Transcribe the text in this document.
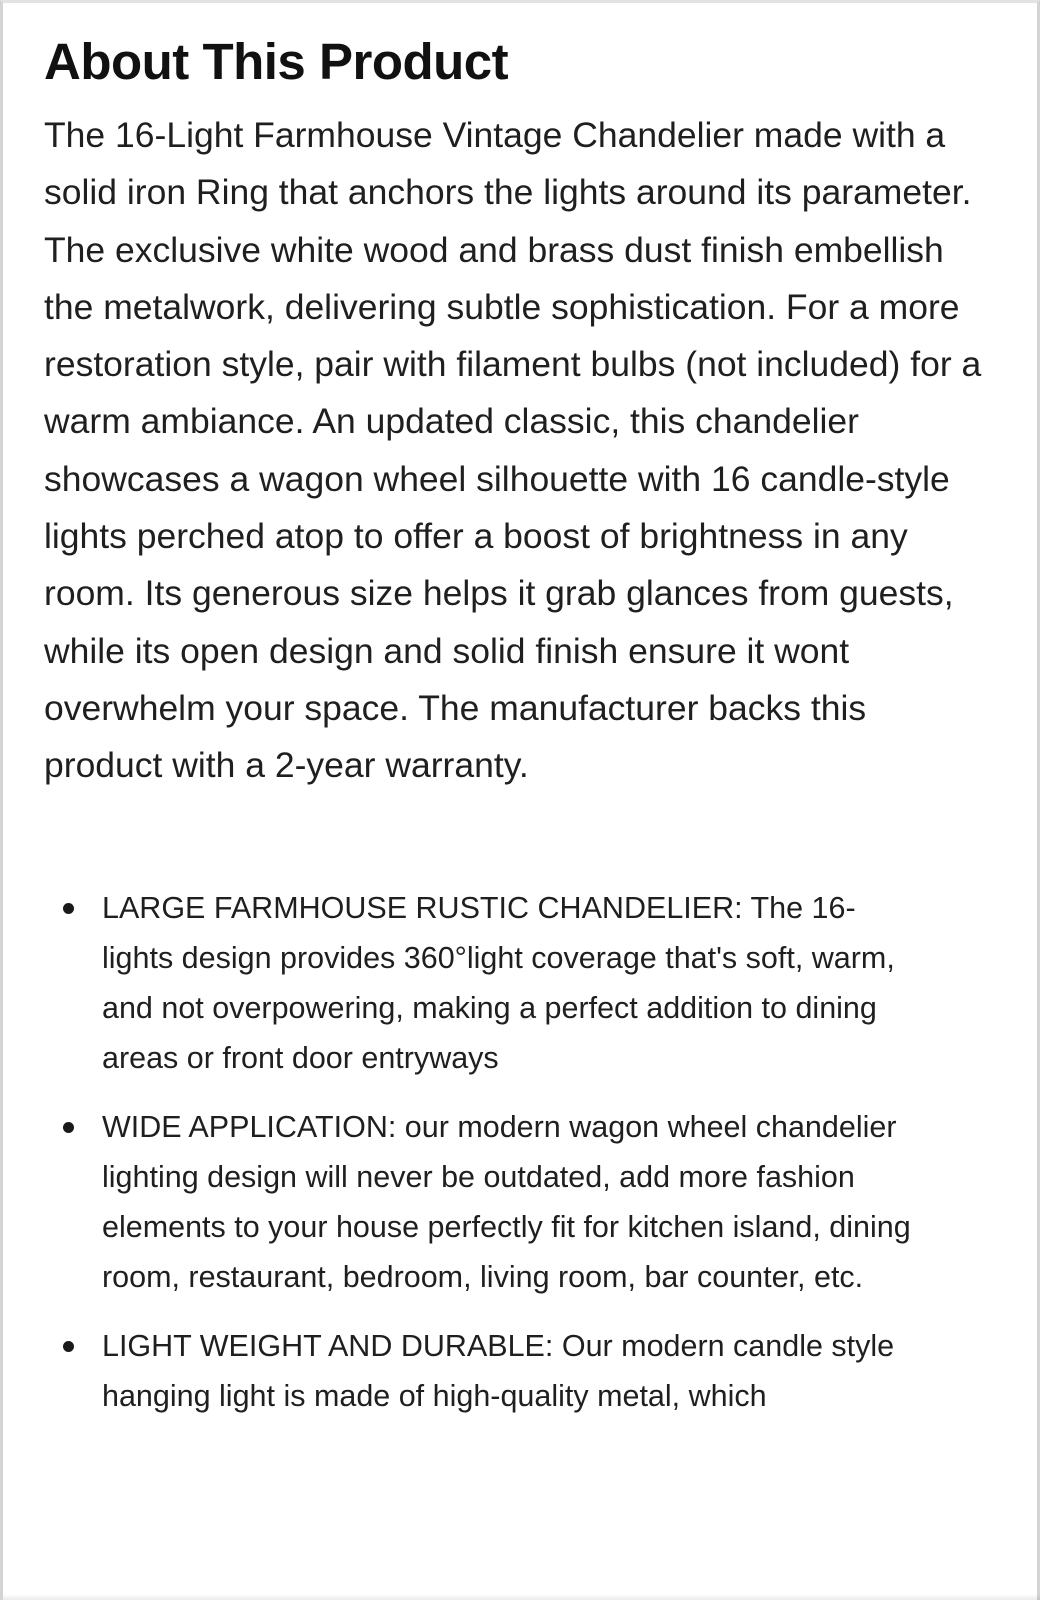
About This Product

The 16-Light Farmhouse Vintage Chandelier made with a solid iron Ring that anchors the lights around its parameter. The exclusive white wood and brass dust finish embellish the metalwork, delivering subtle sophistication. For a more restoration style, pair with filament bulbs (not included) for a warm ambiance. An updated classic, this chandelier showcases a wagon wheel silhouette with 16 candle-style lights perched atop to offer a boost of brightness in any room. Its generous size helps it grab glances from guests, while its open design and solid finish ensure it wont overwhelm your space. The manufacturer backs this product with a 2-year warranty.

LARGE FARMHOUSE RUSTIC CHANDELIER: The 16-lights design provides 360°light coverage that's soft, warm, and not overpowering, making a perfect addition to dining areas or front door entryways
WIDE APPLICATION: our modern wagon wheel chandelier lighting design will never be outdated, add more fashion elements to your house perfectly fit for kitchen island, dining room, restaurant, bedroom, living room, bar counter, etc.
LIGHT WEIGHT AND DURABLE: Our modern candle style hanging light is made of high-quality metal, which
